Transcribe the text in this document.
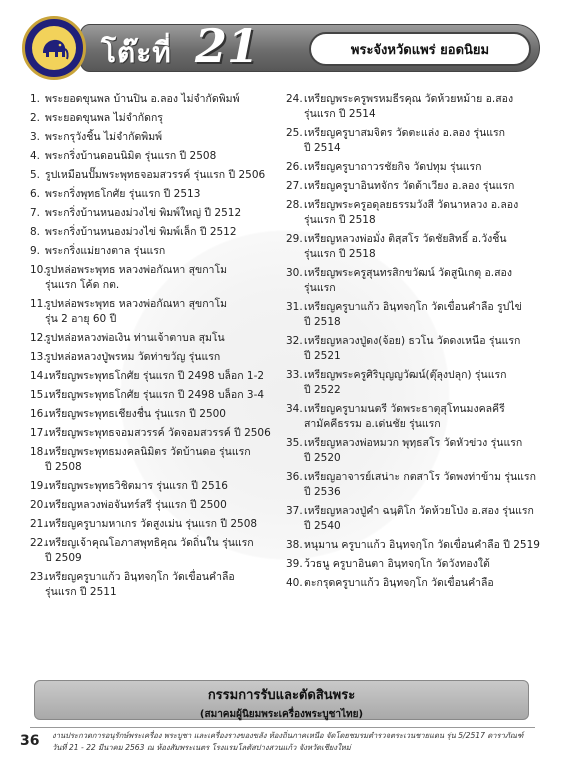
โต๊ะที่ 21	พระจังหวัดแพร่ ยอดนิยม
1. พระยอดขุนพล บ้านปิน อ.ลอง ไม่จำกัดพิมพ์
2. พระยอดขุนพล ไม่จำกัดกรุ
3. พระกรุวังชิ้น ไม่จำกัดพิมพ์
4. พระกริ่งบ้านดอนนิมิต รุ่นแรก ปี 2508
5. รูปเหมือนปั๊มพระพุทธจอมสวรรค์ รุ่นแรก ปี 2506
6. พระกริ่งพุทธโกศัย รุ่นแรก ปี 2513
7. พระกริ่งบ้านหนองม่วงไข่ พิมพ์ใหญ่ ปี 2512
8. พระกริ่งบ้านหนองม่วงไข่ พิมพ์เล็ก ปี 2512
9. พระกริ่งแม่ยางตาล รุ่นแรก
10.
รูปหล่อพระพุทธ หลวงพ่อกัณหา สุขกาโม
รุ่นแรก โค้ด กต.
11.
รูปหล่อพระพุทธ หลวงพ่อกัณหา สุขกาโม
รุ่น 2 อายุ 60 ปี
12.
รูปหล่อหลวงพ่อเงิน ท่านเจ้าตาบล สุมโน
13.
รูปหล่อหลวงปู่พรหม วัดท่าขวัญ รุ่นแรก
14.
เหรียญพระพุทธโกศัย รุ่นแรก ปี 2498 บล็อก 1-2
15.
เหรียญพระพุทธโกศัย รุ่นแรก ปี 2498 บล็อก 3-4
16.
เหรียญพระพุทธเชียงชื่น รุ่นแรก ปี 2500
17.
เหรียญพระพุทธจอมสวรรค์ วัดจอมสวรรค์ ปี 2506
18.
เหรียญพระพุทธมงคลนิมิตร วัดบ้านดอ รุ่นแรก
ปี 2508
19.
เหรียญพระพุทธวิชิตมาร รุ่นแรก ปี 2516
20.
เหรียญหลวงพ่อจันทร์สรี รุ่นแรก ปี 2500
21.
เหรียญครูบามหาเกร วัดสูงเม่น รุ่นแรก ปี 2508
22.
เหรียญเจ้าคุณโอภาสพุทธิคุณ วัดถิ่นใน รุ่นแรก
ปี 2509
23.
เหรียญครูบาแก้ว อินฺทจกฺโก วัดเขื่อนคำลือ
รุ่นแรก ปี 2511
24. เหรียญพระครูพรหมธีรคุณ วัดห้วยหม้าย อ.สอง
รุ่นแรก ปี 2514
25. เหรียญครูบาสมจิตร วัดตะแล่ง อ.ลอง รุ่นแรก
ปี 2514
26. เหรียญครูบาถาวรชัยกิจ วัดปทุม รุ่นแรก
27. เหรียญครูบาอินทจักร วัดต้าเวียง อ.ลอง รุ่นแรก
28. เหรียญพระครูอดุลยธรรมวังสี วัดนาหลวง อ.ลอง
รุ่นแรก ปี 2518
29. เหรียญหลวงพ่อมั่ง ติสฺสโร วัดชัยสิทธิ์ อ.วังชิ้น
รุ่นแรก ปี 2518
30. เหรียญพระครูสุนทรสิกขวัฒน์ วัดสูนิเกตุ อ.สอง
รุ่นแรก
31. เหรียญครูบาแก้ว อินฺทจกฺโก วัดเขื่อนคำลือ รูปไข่
ปี 2518
32. เหรียญหลวงปู่ดง(จ้อย) ธวโน วัดดงเหนือ รุ่นแรก
ปี 2521
33. เหรียญพระครูศิริบุญญวัฒน์(ตุ๊ลุงปลุก) รุ่นแรก
ปี 2522
34. เหรียญครูบามนตรี วัดพระธาตุสุโทนมงคลคีรี
สามัคคีธรรม อ.เด่นชัย รุ่นแรก
35. เหรียญหลวงพ่อหมวก พุทฺธสโร วัดหัวข่วง รุ่นแรก
ปี 2520
36. เหรียญอาจารย์เสน่าะ กตสาโร วัดพงท่าข้าม รุ่นแรก
ปี 2536
37. เหรียญหลวงปู่คำ ฉนฺติโก วัดห้วยโป่ง อ.สอง รุ่นแรก
ปี 2540
38. หนุมาน ครูบาแก้ว อินฺทจกฺโก วัดเขื่อนคำลือ ปี 2519
39. ว้วธนู ครูบาอินตา อินฺทจกฺโก วัดวังทองใต้
40. ตะกรุดครูบาแก้ว อินฺทจกฺโก วัดเขื่อนคำลือ
กรรมการรับและตัดสินพระ
(สมาคมผู้นิยมพระเครื่องพระบูชาไทย)
36 งานประกวดการอนุรักษ์พระเครื่อง พระบูชา และเครื่องรางของขลัง ท้องถิ่นภาคเหนือ จัดโดยชมรมตำรวจตระเวนชายแดน รุ่น 5/2517 ดาราภัณฑ์
วันที่ 21 - 22 มีนาคม 2563 ณ ห้องสัมพระเนตร โรงแรมโลตัสปางสวนแก้ว จังหวัดเชียงใหม่
